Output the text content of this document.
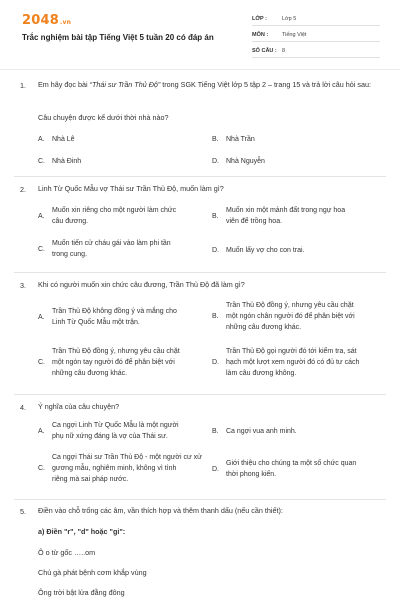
2048.vn
Trắc nghiệm bài tập Tiếng Việt 5 tuần 20 có đáp án
LỚP :	Lớp 5
MÔN :	Tiếng Việt
SỐ CÂU : 8
1. Em hãy đọc bài “Thái sư Trần Thủ Độ” trong SGK Tiếng Việt lớp 5 tập 2 – trang 15 và trả lời câu hỏi sau:
Câu chuyện được kể dưới thời nhà nào?
A.	Nhà Lê	B.	Nhà Trần
C.	Nhà Đinh	D.	Nhà Nguyễn
2. Linh Từ Quốc Mẫu vợ Thái sư Trần Thủ Độ, muốn làm gì?
A.
Muốn xin riêng cho một người làm chức
câu đương.
B.
Muốn xin một mảnh đất trong ngự hoa
viên để trồng hoa.
C.
Muốn tiến cử cháu gái vào làm phi tần
trong cung.
D.	Muốn lấy vợ cho con trai.
3. Khi có người muốn xin chức câu đương, Trần Thủ Độ đã làm gì?
A.
Trần Thủ Độ không đồng ý và mắng cho
Linh Từ Quốc Mẫu một trận.
B.
Trần Thủ Độ đồng ý, nhưng yêu cầu chặt
một ngón chân người đó để phân biệt với
những câu đương khác.
C.
Trần Thủ Độ đồng ý, nhưng yêu cầu chặt
một ngón tay người đó để phân biệt với
những câu đương khác.
D.
Trần Thủ Độ gọi người đó tới kiểm tra, sát
hạch một lượt xem người đó có đủ tư cách
làm câu đương không.
4. Ý nghĩa của câu chuyện?
A.
Ca ngợi Linh Từ Quốc Mẫu là một người
phụ nữ xứng đáng là vợ của Thái sư.
B.	Ca ngợi vua anh minh.
C.
Ca ngợi Thái sư Trần Thủ Độ - một người cư xử
gương mẫu, nghiêm minh, không vì tình
riêng mà sai pháp nước.
D.
Giới thiệu cho chúng ta một số chức quan
thời phong kiến.
5. Điền vào chỗ trống các âm, vần thích hợp và thêm thanh dấu (nếu cần thiết):
a) Điền "r", "d" hoặc "gi":
Ô o từ gốc …..om
Chú gà phát bệnh cơm khắp vùng
Ông trời bật lửa đằng đông
